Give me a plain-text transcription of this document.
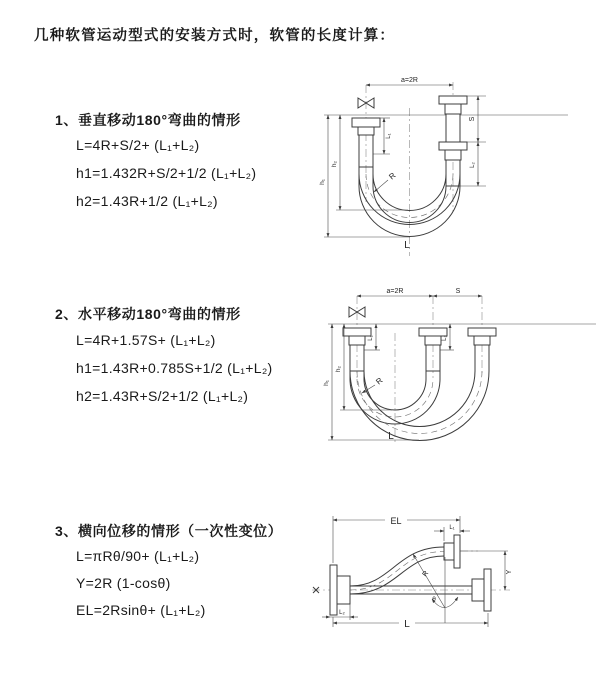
几种软管运动型式的安装方式时，软管的长度计算：
1、垂直移动180°弯曲的情形
L=4R+S/2+ (L₁+L₂)
h1=1.432R+S/2+1/2 (L₁+L₂)
h2=1.43R+1/2 (L₁+L₂)
2、水平移动180°弯曲的情形
L=4R+1.57S+ (L₁+L₂)
h1=1.43R+0.785S+1/2 (L₁+L₂)
h2=1.43R+S/2+1/2 (L₁+L₂)
3、横向位移的情形（一次性变位）
L=πRθ/90+ (L₁+L₂)
Y=2R (1-cosθ)
EL=2Rsinθ+ (L₁+L₂)
a=2R
h₁
h₂
L₁
S
L₂
R
L
a=2R	S
h₁
h₂
L₁	L₂
R
L
EL
L₁
Y
R
θ
L₂
L
